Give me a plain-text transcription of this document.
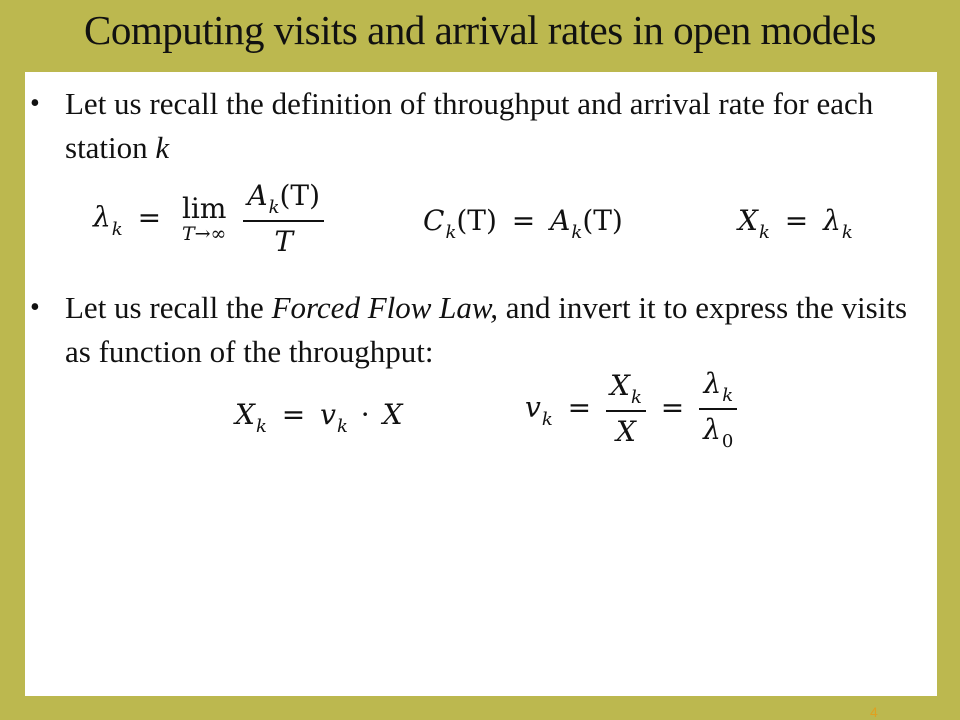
Computing visits and arrival rates in open models
• Let us recall the definition of throughput and arrival rate for each station k
$\lambda_k = \lim$
T→∞
$\frac{A_k(T)}{T}$	$C_k(T) = A_k(T)$	$X_k = \lambda_k$
• Let us recall the Forced Flow Law, and invert it to express the visits as function of the throughput:
$X_k = v_k \cdot X$	$v_k = \frac{X_k}{X} = \frac{\lambda_k}{\lambda_0}$
4
